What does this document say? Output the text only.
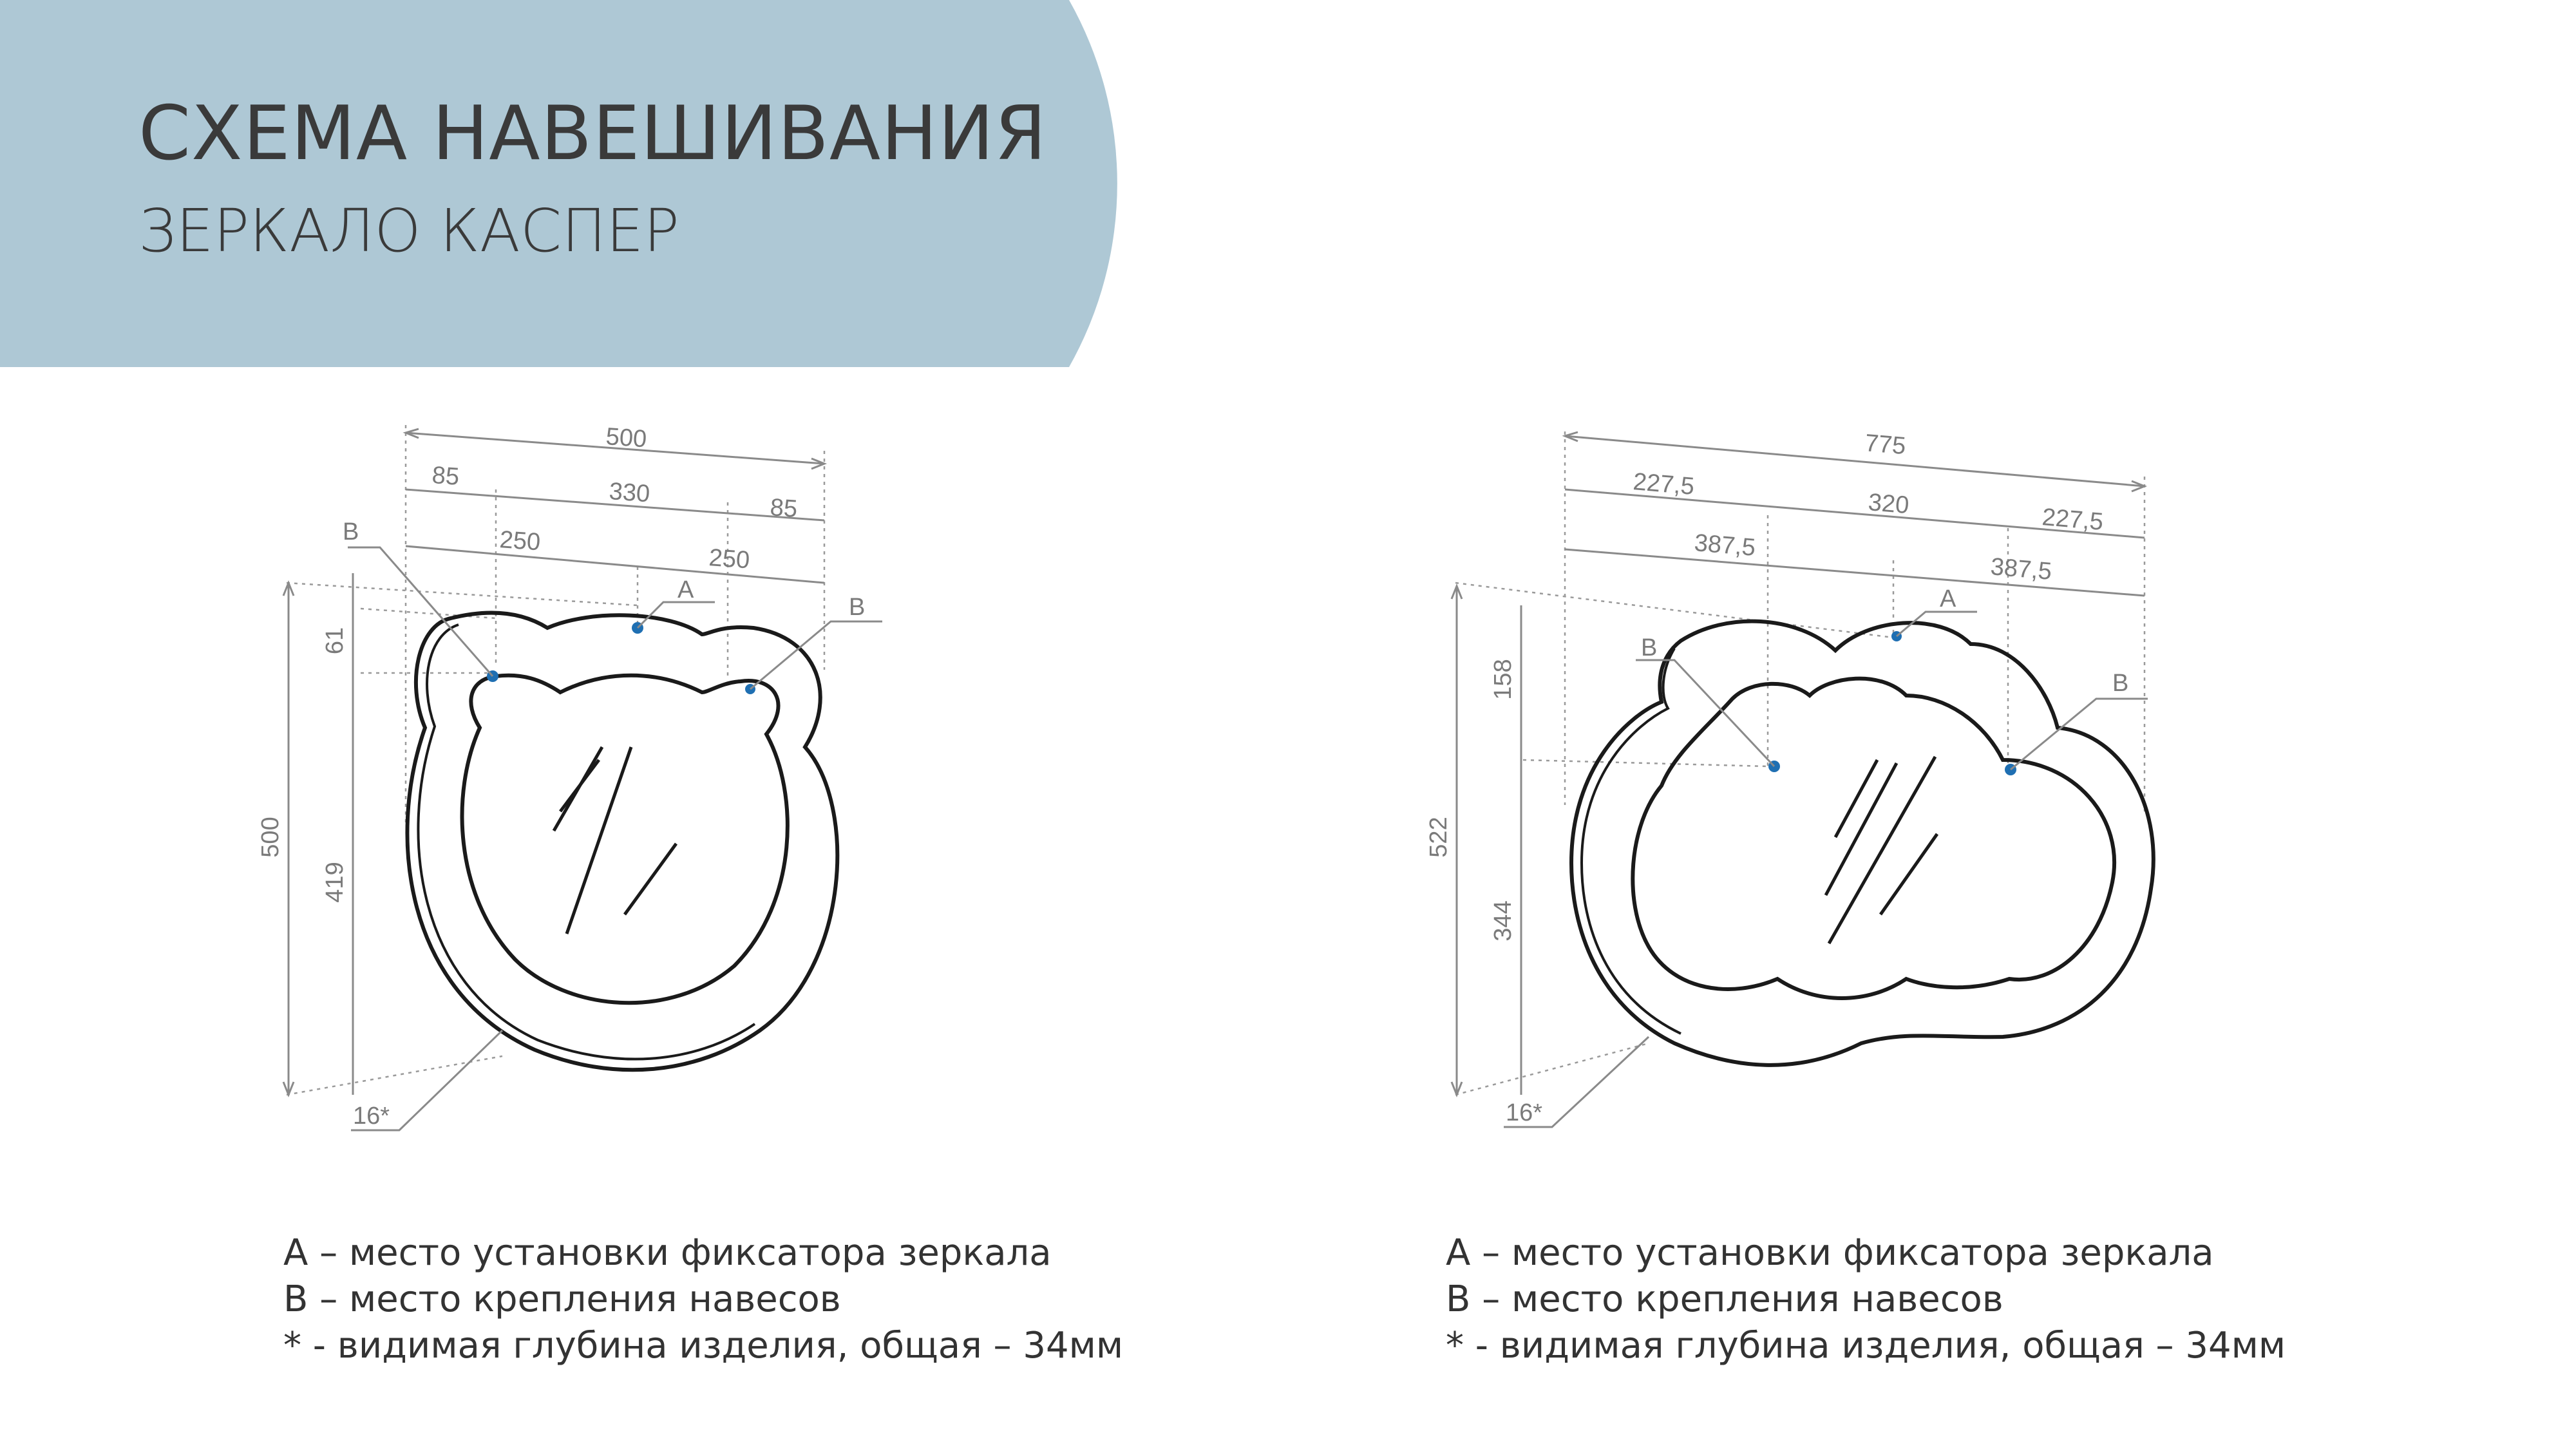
СХЕМА НАВЕШИВАНИЯ
ЗЕРКАЛО КАСПЕР
500
85
330
85
250
250
500
61
419
A
B
B
16*
775
227,5
320	227,5
387,5
387,5
522
158
344
A
B
B
16*
А – место установки фиксатора зеркала
В – место крепления навесов
* - видимая глубина изделия, общая – 34мм
А – место установки фиксатора зеркала
В – место крепления навесов
* - видимая глубина изделия, общая – 34мм
